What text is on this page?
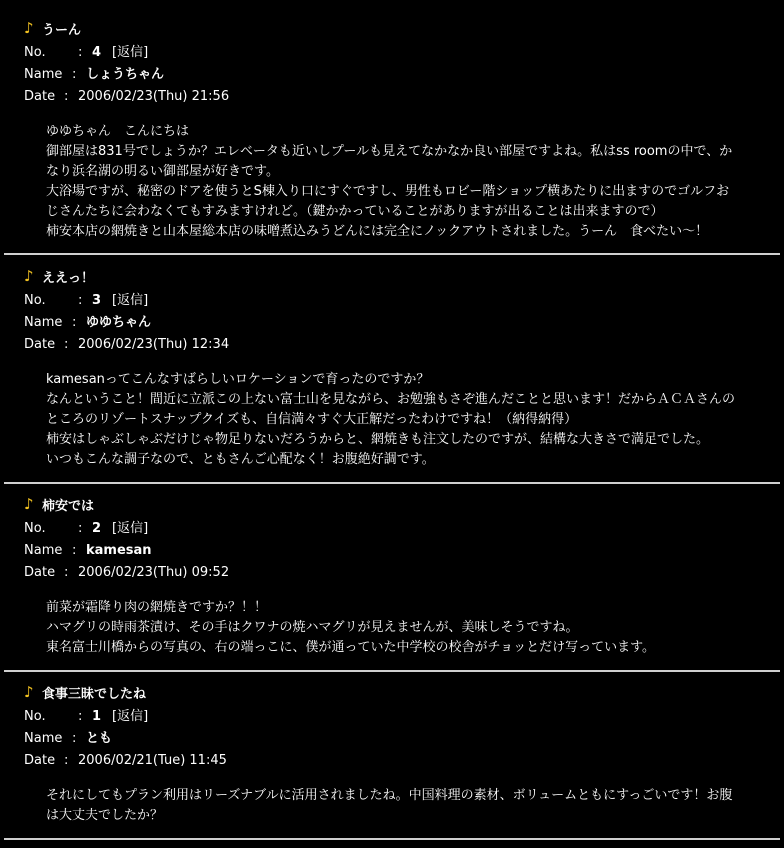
♪ うーん
No.	: 4 [返信]
Name : しょうちゃん
Date : 2006/02/23(Thu) 21:56
ゆゆちゃん　こんにちは
御部屋は831号でしょうか？エレベータも近いしプールも見えてなかなか良い部屋ですよね。私はss roomの中で、か
なり浜名湖の明るい御部屋が好きです。
大浴場ですが、秘密のドアを使うとS棟入り口にすぐですし、男性もロビー階ショップ横あたりに出ますのでゴルフお
じさんたちに会わなくてもすみますけれど。（鍵かかっていることがありますが出ることは出来ますので）
柿安本店の網焼きと山本屋総本店の味噌煮込みうどんには完全にノックアウトされました。うーん　食べたい〜！
♪ ええっ！
No.	: 3 [返信]
Name : ゆゆちゃん
Date : 2006/02/23(Thu) 12:34
kamesanってこんなすばらしいロケーションで育ったのですか？
なんということ！間近に立派この上ない富士山を見ながら、お勉強もさぞ進んだことと思います！だからＡＣＡさんの
ところのリゾートスナップクイズも、自信満々すぐ大正解だったわけですね！（納得納得）
柿安はしゃぶしゃぶだけじゃ物足りないだろうからと、網焼きも注文したのですが、結構な大きさで満足でした。
いつもこんな調子なので、ともさんご心配なく！お腹絶好調です。
♪ 柿安では
No.	: 2 [返信]
Name : kamesan
Date : 2006/02/23(Thu) 09:52
前菜が霜降り肉の網焼きですか？！！
ハマグリの時雨茶漬け、その手はクワナの焼ハマグリが見えませんが、美味しそうですね。
東名富士川橋からの写真の、右の端っこに、僕が通っていた中学校の校舎がチョッとだけ写っています。
♪ 食事三昧でしたね
No.	: 1 [返信]
Name : とも
Date : 2006/02/21(Tue) 11:45
それにしてもプラン利用はリーズナブルに活用されましたね。中国料理の素材、ボリュームともにすっごいです！お腹
は大丈夫でしたか？
